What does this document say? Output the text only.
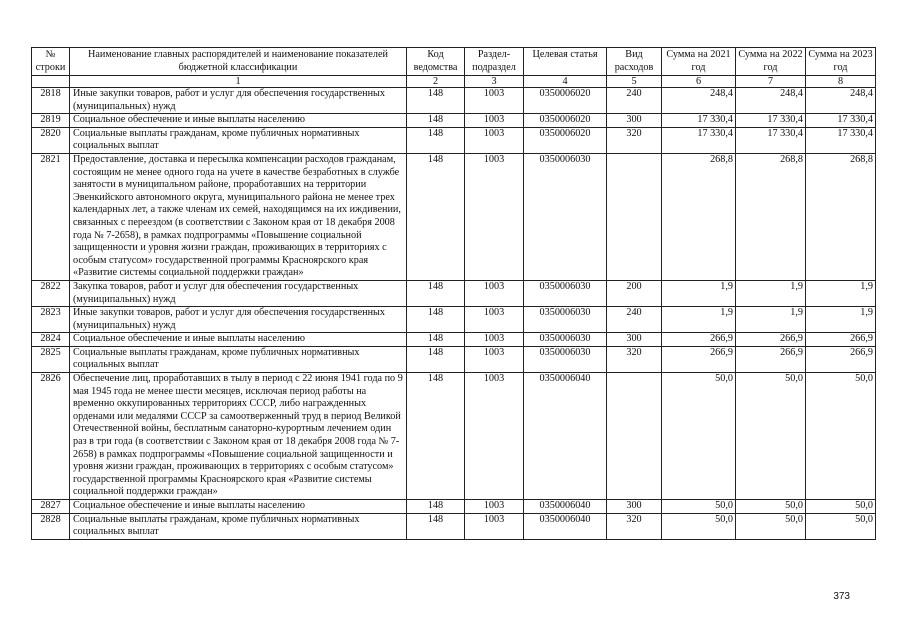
№ строки	Наименование главных распорядителей и наименование показателей бюджетной классификации	Код ведомства	Раздел-подраздел	Целевая статья	Вид расходов	Сумма на 2021 год	Сумма на 2022 год	Сумма на 2023 год
	1	2	3	4	5	6	7	8
2818	Иные закупки товаров, работ и услуг для обеспечения государственных (муниципальных) нужд	148	1003	0350006020	240	248,4	248,4	248,4
2819	Социальное обеспечение и иные выплаты населению	148	1003	0350006020	300	17 330,4	17 330,4	17 330,4
2820	Социальные выплаты гражданам, кроме публичных нормативных социальных выплат	148	1003	0350006020	320	17 330,4	17 330,4	17 330,4
2821	Предоставление, доставка и пересылка компенсации расходов гражданам, состоящим не менее одного года на учете в качестве безработных в службе занятости в муниципальном районе, проработавших на территории Эвенкийского автономного округа, муниципального района не менее трех календарных лет, а также членам их семей, находящимся на их иждивении, связанных с переездом (в соответствии с Законом края от 18 декабря 2008 года № 7-2658), в рамках подпрограммы «Повышение социальной защищенности и уровня жизни граждан, проживающих в территориях с особым статусом» государственной программы Красноярского края «Развитие системы социальной поддержки граждан»	148	1003	0350006030		268,8	268,8	268,8
2822	Закупка товаров, работ и услуг для обеспечения государственных (муниципальных) нужд	148	1003	0350006030	200	1,9	1,9	1,9
2823	Иные закупки товаров, работ и услуг для обеспечения государственных (муниципальных) нужд	148	1003	0350006030	240	1,9	1,9	1,9
2824	Социальное обеспечение и иные выплаты населению	148	1003	0350006030	300	266,9	266,9	266,9
2825	Социальные выплаты гражданам, кроме публичных нормативных социальных выплат	148	1003	0350006030	320	266,9	266,9	266,9
2826	Обеспечение лиц, проработавших в тылу в период с 22 июня 1941 года по 9 мая 1945 года не менее шести месяцев, исключая период работы на временно оккупированных территориях СССР, либо награжденных орденами или медалями СССР за самоотверженный труд в период Великой Отечественной войны, бесплатным санаторно-курортным лечением один раз в три года (в соответствии с Законом края от 18 декабря 2008 года № 7-2658) в рамках подпрограммы «Повышение социальной защищенности и уровня жизни граждан, проживающих в территориях с особым статусом» государственной программы Красноярского края «Развитие системы социальной поддержки граждан»	148	1003	0350006040		50,0	50,0	50,0
2827	Социальное обеспечение и иные выплаты населению	148	1003	0350006040	300	50,0	50,0	50,0
2828	Социальные выплаты гражданам, кроме публичных нормативных социальных выплат	148	1003	0350006040	320	50,0	50,0	50,0
373
